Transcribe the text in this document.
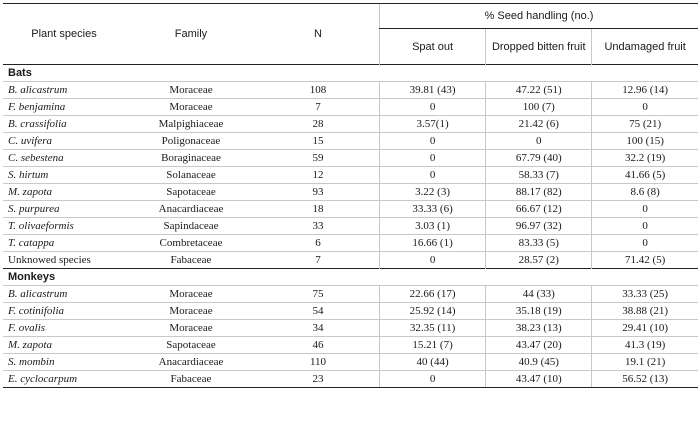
Plant species	Family	N	% Seed handling (no.)		
			Spat out	Dropped bitten fruit	Undamaged fruit
Bats					
B. alicastrum	Moraceae	108	39.81 (43)	47.22 (51)	12.96 (14)
F. benjamina	Moraceae	7	0	100 (7)	0
B. crassifolia	Malpighiaceae	28	3.57(1)	21.42 (6)	75 (21)
C. uvifera	Poligonaceae	15	0	0	100 (15)
C. sebestena	Boraginaceae	59	0	67.79 (40)	32.2 (19)
S. hirtum	Solanaceae	12	0	58.33 (7)	41.66 (5)
M. zapota	Sapotaceae	93	3.22 (3)	88.17 (82)	8.6 (8)
S. purpurea	Anacardiaceae	18	33.33 (6)	66.67 (12)	0
T. olivaeformis	Sapindaceae	33	3.03 (1)	96.97 (32)	0
T. catappa	Combretaceae	6	16.66 (1)	83.33 (5)	0
Unknowed species	Fabaceae	7	0	28.57 (2)	71.42 (5)
Monkeys					
B. alicastrum	Moraceae	75	22.66 (17)	44 (33)	33.33 (25)
F. cotinifolia	Moraceae	54	25.92 (14)	35.18 (19)	38.88 (21)
F. ovalis	Moraceae	34	32.35 (11)	38.23 (13)	29.41 (10)
M. zapota	Sapotaceae	46	15.21 (7)	43.47 (20)	41.3 (19)
S. mombin	Anacardiaceae	110	40 (44)	40.9 (45)	19.1 (21)
E. cyclocarpum	Fabaceae	23	0	43.47 (10)	56.52 (13)
